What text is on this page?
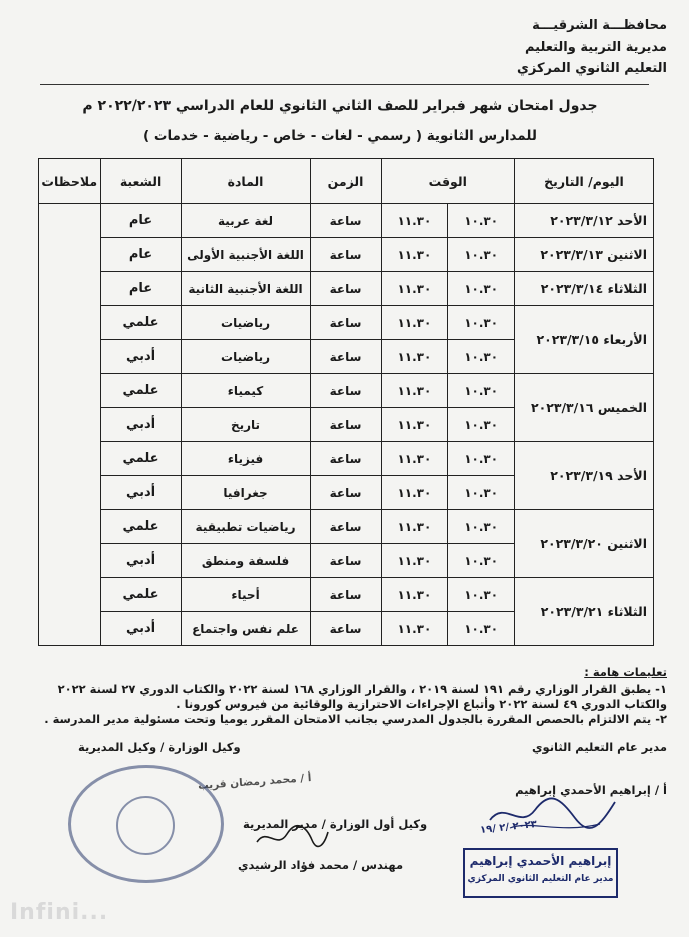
محافظـــة الشرقيـــة
مديرية التربية والتعليم
التعليم الثانوي المركزي
جدول امتحان شهر فبراير للصف الثاني الثانوي للعام الدراسي ٢٠٢٢/٢٠٢٣ م
للمدارس الثانوية ( رسمي - لغات - خاص - رياضية - خدمات )
اليوم/ التاريخ	الوقت		الزمن	المادة	الشعبة	ملاحظات
الأحد ٢٠٢٣/٣/١٢	١٠.٣٠	١١.٣٠	ساعة	لغة عربية	عام	
الاثنين ٢٠٢٣/٣/١٣	١٠.٣٠	١١.٣٠	ساعة	اللغة الأجنبية الأولى	عام	
الثلاثاء ٢٠٢٣/٣/١٤	١٠.٣٠	١١.٣٠	ساعة	اللغة الأجنبية الثانية	عام	
الأربعاء ٢٠٢٣/٣/١٥	١٠.٣٠	١١.٣٠	ساعة	رياضيات	علمي	
	١٠.٣٠	١١.٣٠	ساعة	رياضيات	أدبي	
الخميس ٢٠٢٣/٣/١٦	١٠.٣٠	١١.٣٠	ساعة	كيمياء	علمي	
	١٠.٣٠	١١.٣٠	ساعة	تاريخ	أدبي	
الأحد ٢٠٢٣/٣/١٩	١٠.٣٠	١١.٣٠	ساعة	فيزياء	علمي	
	١٠.٣٠	١١.٣٠	ساعة	جغرافيا	أدبي	
الاثنين ٢٠٢٣/٣/٢٠	١٠.٣٠	١١.٣٠	ساعة	رياضيات تطبيقية	علمي	
	١٠.٣٠	١١.٣٠	ساعة	فلسفة ومنطق	أدبي	
الثلاثاء ٢٠٢٣/٣/٢١	١٠.٣٠	١١.٣٠	ساعة	أحياء	علمي	
	١٠.٣٠	١١.٣٠	ساعة	علم نفس واجتماع	أدبي	
تعليمات هامة :
١- يطبق القرار الوزاري رقم ١٩١ لسنة ٢٠١٩ ، والقرار الوزاري ١٦٨ لسنة ٢٠٢٢ والكتاب الدوري ٢٧ لسنة ٢٠٢٢ والكتاب الدوري ٤٩ لسنة ٢٠٢٢ وأتباع الإجراءات الاحترازية والوقائية من فيروس كورونا .
٢- يتم الالتزام بالحصص المقررة بالجدول المدرسي بجانب الامتحان المقرر يوميا وتحت مسئولية مدير المدرسة .
مدير عام التعليم الثانوي
أ / إبراهيم الأحمدي إبراهيم
وكيل الوزارة / وكيل المديرية
أ / محمد رمضان قريب
وكيل أول الوزارة / مدير المديرية
مهندس / محمد فؤاد الرشيدي
٢٠٢٣ /٢ /١٩
إبراهيم الأحمدي إبراهيم
مدير عام التعليم الثانوي المركزي
Infini...
